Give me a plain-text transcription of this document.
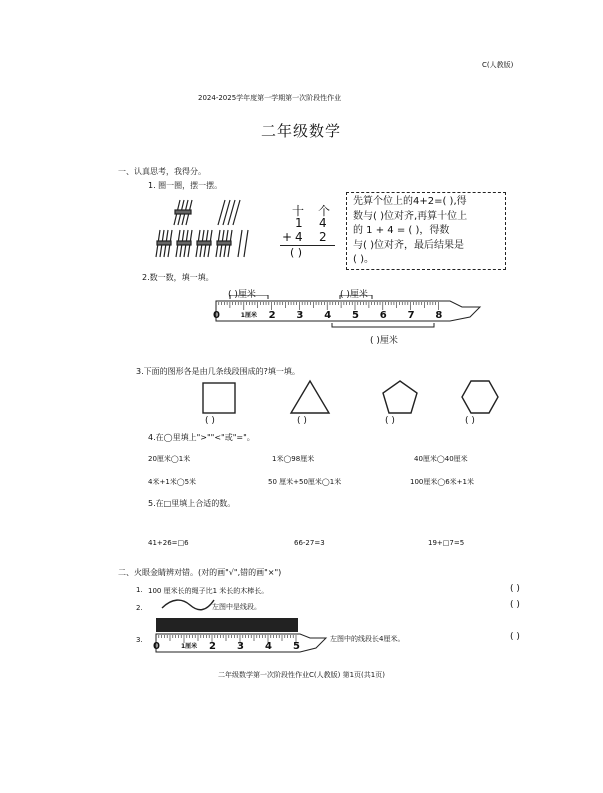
C(人教版)
2024-2025学年度第一学期第一次阶段性作业
二年级数学
一、认真思考，我得分。
1. 圈一圈，摆一摆。
十 个
1 4
+ 4 2
( )
先算个位上的4+2=( ),得
数与( )位对齐,再算十位上
的 1 + 4 = ( )，得数
与( )位对齐，最后结果是
( )。
2.数一数，填一填。
( )厘米	( )厘米
0	1厘米 2 3 4 5 6 7 8
( )厘米
3.下面的图形各是由几条线段围成的?填一填。
( )	( )	( )	( )
4.在◯里填上">""<"或"="。
20厘米◯1米	1米◯98厘米	40厘米◯40厘米
4米+1米◯5米	50 厘米+50厘米◯1米	100厘米◯6米+1米
5.在□里填上合适的数。
41+26=□6	66-27=3	19+□7=5
二、火眼金睛辨对错。(对的画"√",错的画"×")
1. 100 厘米长的绳子比1 米长的木棒长。	( )
2.	左图中是线段。	( )
3.
0	1厘米 2 3 4 5
左图中的线段长4厘米。	( )
二年级数学第一次阶段性作业C(人教版) 第1页(共1页)
